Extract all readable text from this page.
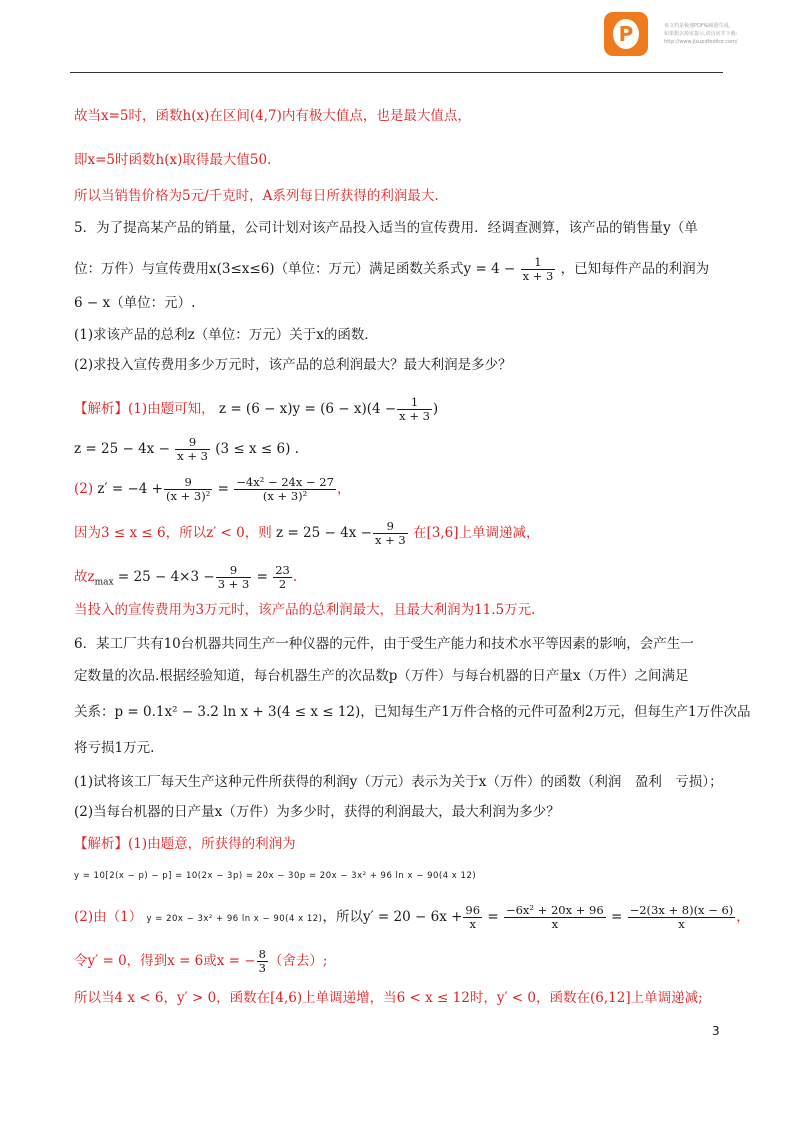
P	该文档是极速PDF编辑器生成,
如果想去掉该提示,请访问并下载:
http://www.jisupdfeditor.com/
故当x=5时，函数h(x)在区间(4,7)内有极大值点，也是最大值点，
即x=5时函数h(x)取得最大值50.
所以当销售价格为5元/千克时，A系列每日所获得的利润最大.
5．为了提高某产品的销量，公司计划对该产品投入适当的宣传费用．经调查测算，该产品的销售量y（单
位：万件）与宣传费用x(3≤x≤6)（单位：万元）满足函数关系式$y = 4 - \frac{1}{x + 3}$ ，已知每件产品的利润为
6 − x（单位：元）.
(1)求该产品的总利z（单位：万元）关于x的函数．
(2)求投入宣传费用多少万元时，该产品的总利润最大？最大利润是多少？
【解析】(1)由题可知， $z = (6 - x)y = (6 - x)(4 - \frac{1}{x + 3}$ )
$z = 25 - 4x - \frac{9}{x + 3} (3 \le x \le 6)$ .
(2) $z' = -4 + \frac{9}{\text{(x + 3)²}} = \frac{\text{−4x² − 24x − 27}}{\text{(x + 3)²}}$ ，
因为3 ≤ x ≤ 6，所以z′ < 0，则 $z = 25 - 4x - \frac{9}{x + 3}$ 在[3,6]上单调递减，
故$z_{max} = 25 - 4\times 3 - \frac{9}{3 + 3} = \frac{23}{2}$ .
当投入的宣传费用为3万元时，该产品的总利润最大，且最大利润为11.5万元.
6．某工厂共有10台机器共同生产一种仪器的元件，由于受生产能力和技术水平等因素的影响，会产生一
定数量的次品.根据经验知道，每台机器生产的次品数p（万件）与每台机器的日产量x（万件）之间满足
关系：p = 0.1x² − 3.2 ln x + 3(4 ≤ x ≤ 12)，已知每生产1万件合格的元件可盈利2万元，但每生产1万件次品
将亏损1万元.
(1)试将该工厂每天生产这种元件所获得的利润y（万元）表示为关于x（万件）的函数（利润　盈利　亏损）；
(2)当每台机器的日产量x（万件）为多少时，获得的利润最大，最大利润为多少？
【解析】(1)由题意，所获得的利润为
y = 10[2(x − p) − p] = 10(2x − 3p) = 20x − 30p = 20x − 3x² + 96 ln x − 90(4 x 12)
(2)由（1） y = 20x − 3x² + 96 ln x − 90(4 x 12)，所以$y' = 20 - 6x + \frac{96}{x} = \frac{\text{−6x² + 20x + 96}}{x} = \frac{-2(3x + 8)(x - 6)}{x}$ ，
令y′ = 0，得到x = 6或x = − $\frac{8}{3}$ （舍去）;
所以当4 x < 6，y′ > 0，函数在[4,6)上单调递增，当6 < x ≤ 12时，y′ < 0，函数在(6,12]上单调递减;
3
